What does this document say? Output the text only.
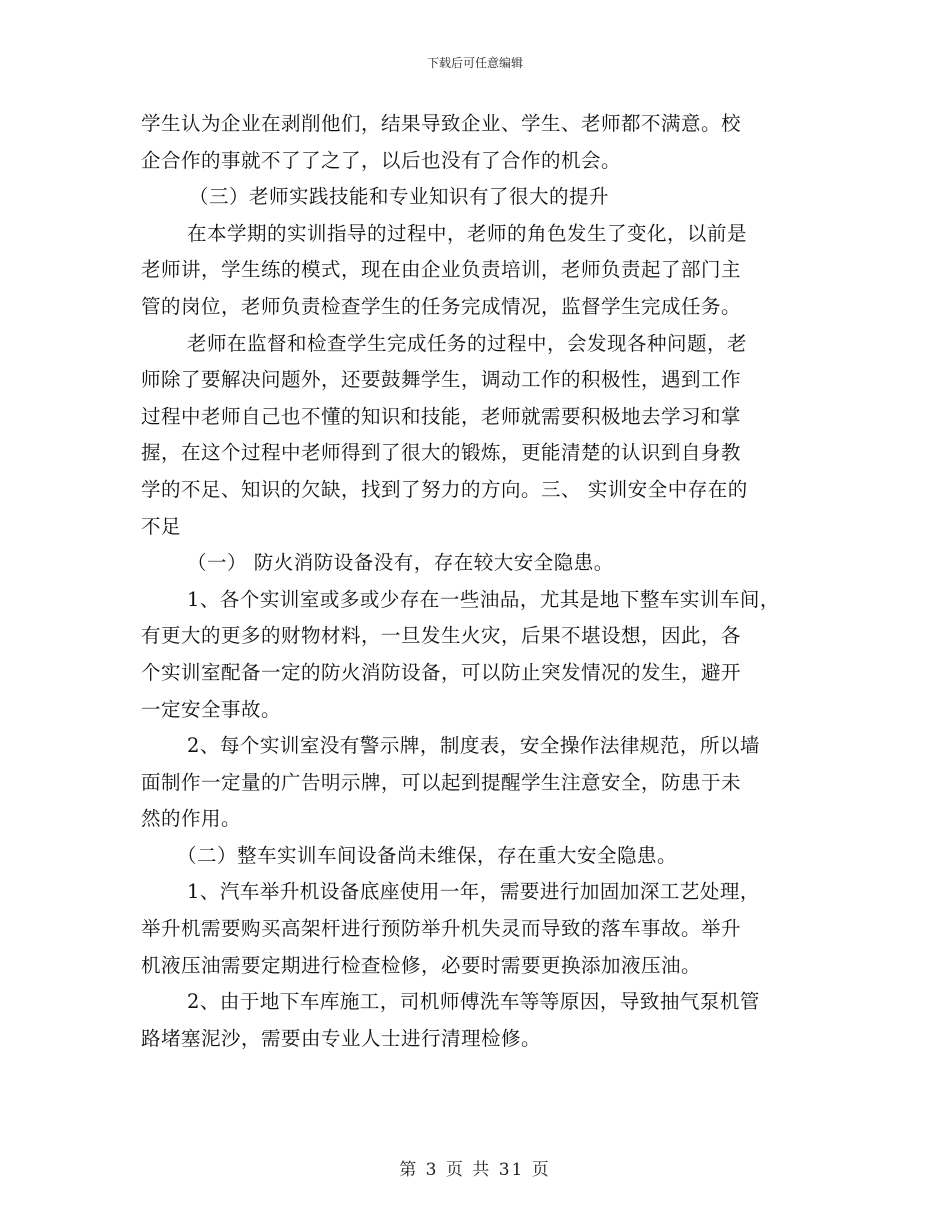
下载后可任意编辑
学生认为企业在剥削他们，结果导致企业、学生、老师都不满意。校
企合作的事就不了了之了，以后也没有了合作的机会。
（三）老师实践技能和专业知识有了很大的提升
在本学期的实训指导的过程中，老师的角色发生了变化，以前是
老师讲，学生练的模式，现在由企业负责培训，老师负责起了部门主
管的岗位，老师负责检查学生的任务完成情况，监督学生完成任务。
老师在监督和检查学生完成任务的过程中，会发现各种问题，老
师除了要解决问题外，还要鼓舞学生，调动工作的积极性，遇到工作
过程中老师自己也不懂的知识和技能，老师就需要积极地去学习和掌
握，在这个过程中老师得到了很大的锻炼，更能清楚的认识到自身教
学的不足、知识的欠缺，找到了努力的方向。三、 实训安全中存在的
不足
（一） 防火消防设备没有，存在较大安全隐患。
1、各个实训室或多或少存在一些油品，尤其是地下整车实训车间，
有更大的更多的财物材料，一旦发生火灾，后果不堪设想，因此，各
个实训室配备一定的防火消防设备，可以防止突发情况的发生，避开
一定安全事故。
2、每个实训室没有警示牌，制度表，安全操作法律规范，所以墙
面制作一定量的广告明示牌，可以起到提醒学生注意安全，防患于未
然的作用。
（二）整车实训车间设备尚未维保，存在重大安全隐患。
1、汽车举升机设备底座使用一年，需要进行加固加深工艺处理，
举升机需要购买高架杆进行预防举升机失灵而导致的落车事故。举升
机液压油需要定期进行检查检修，必要时需要更换添加液压油。
2、由于地下车库施工，司机师傅洗车等等原因，导致抽气泵机管
路堵塞泥沙，需要由专业人士进行清理检修。
第 3 页 共 31 页
